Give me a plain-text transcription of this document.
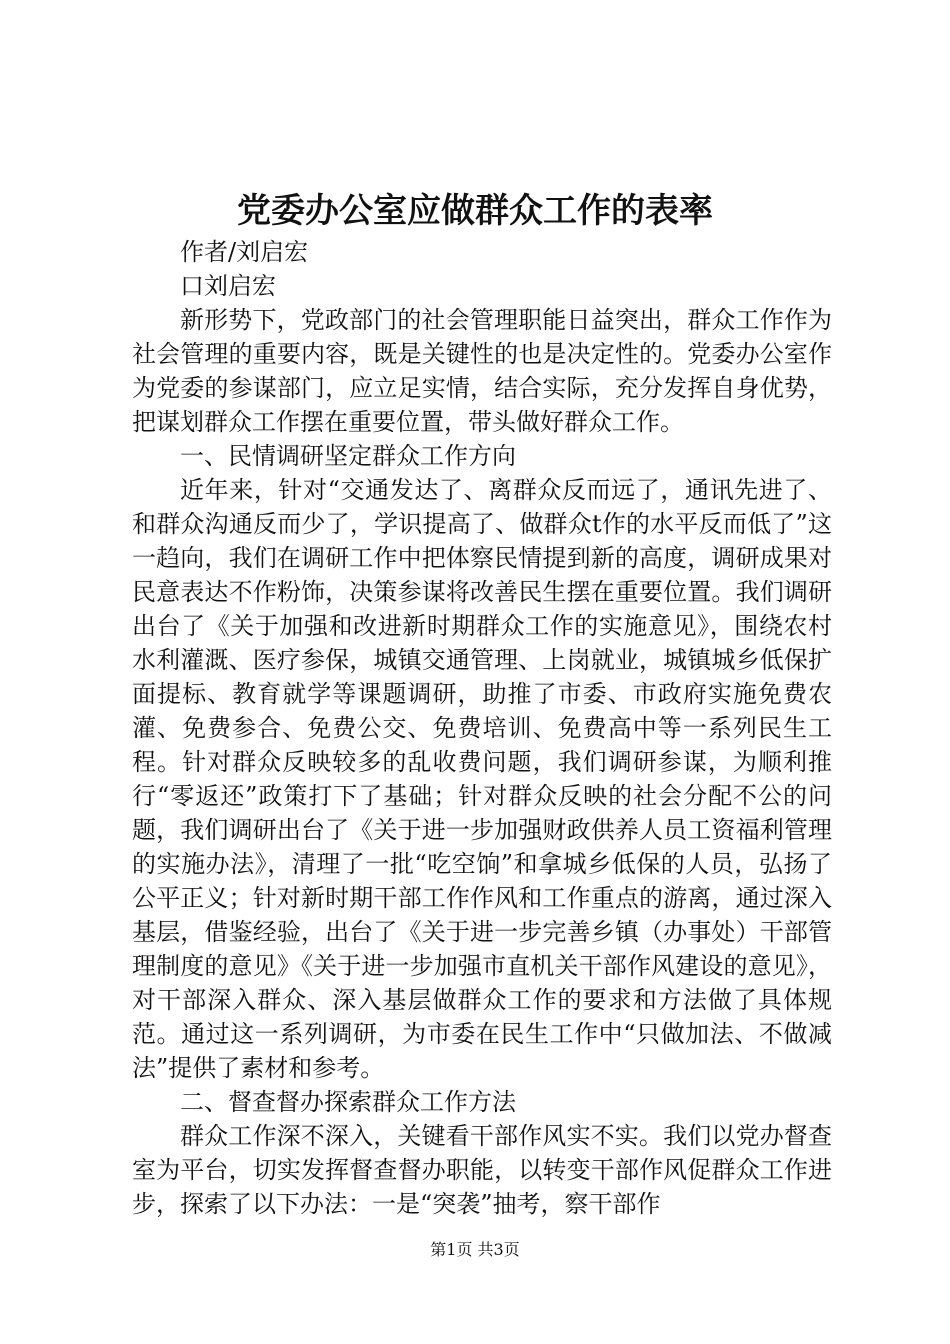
党委办公室应做群众工作的表率

作者/刘启宏

口刘启宏

新形势下，党政部门的社会管理职能日益突出，群众工作作为社会管理的重要内容，既是关键性的也是决定性的。党委办公室作为党委的参谋部门，应立足实情，结合实际，充分发挥自身优势，把谋划群众工作摆在重要位置，带头做好群众工作。

一、民情调研坚定群众工作方向

近年来，针对“交通发达了、离群众反而远了，通讯先进了、和群众沟通反而少了，学识提高了、做群众t作的水平反而低了”这一趋向，我们在调研工作中把体察民情提到新的高度，调研成果对民意表达不作粉饰，决策参谋将改善民生摆在重要位置。我们调研出台了《关于加强和改进新时期群众工作的实施意见》，围绕农村水利灌溉、医疗参保，城镇交通管理、上岗就业，城镇城乡低保扩面提标、教育就学等课题调研，助推了市委、市政府实施免费农灌、免费参合、免费公交、免费培训、免费高中等一系列民生工程。针对群众反映较多的乱收费问题，我们调研参谋，为顺利推行“零返还”政策打下了基础；针对群众反映的社会分配不公的问题，我们调研出台了《关于进一步加强财政供养人员工资福利管理的实施办法》，清理了一批“吃空饷”和拿城乡低保的人员，弘扬了公平正义；针对新时期干部工作作风和工作重点的游离，通过深入基层，借鉴经验，出台了《关于进一步完善乡镇（办事处）干部管理制度的意见》《关于进一步加强市直机关干部作风建设的意见》，对干部深入群众、深入基层做群众工作的要求和方法做了具体规范。通过这一系列调研，为市委在民生工作中“只做加法、不做减法”提供了素材和参考。

二、督查督办探索群众工作方法

群众工作深不深入，关键看干部作风实不实。我们以党办督查室为平台，切实发挥督查督办职能，以转变干部作风促群众工作进步，探索了以下办法：一是“突袭”抽考，察干部作

第1页 共3页
